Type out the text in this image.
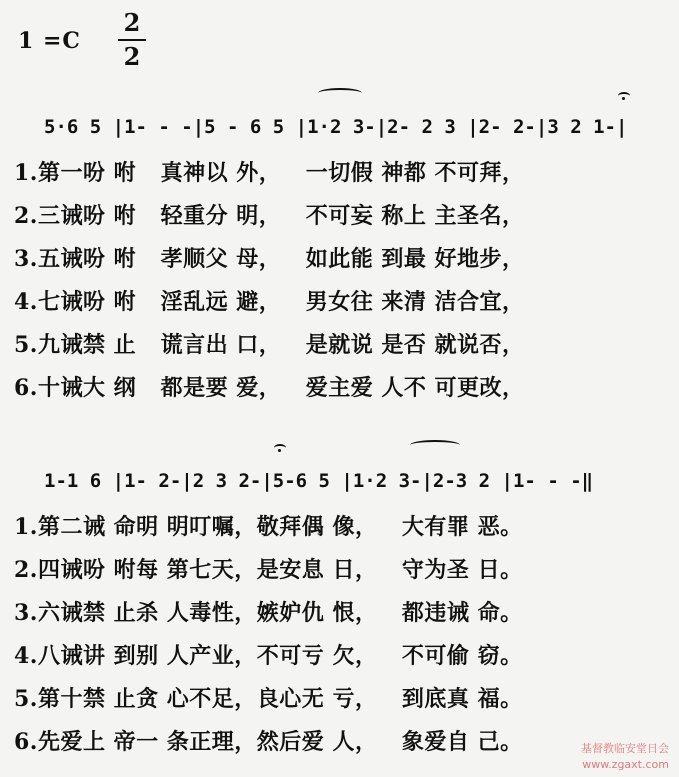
1 =C
2
2
5·6 5 |1- - -|5 - 6 5 |1·2 3-|2- 2 3 |2- 2-|3 2 1-|
1.第一吩 咐   真神以 外，   一切假 神都 不可拜，
2.三诫吩 咐   轻重分 明，   不可妄 称上 主圣名，
3.五诫吩 咐   孝顺父 母，   如此能 到最 好地步，
4.七诫吩 咐   淫乱远 避，   男女往 来清 洁合宜，
5.九诫禁 止   谎言出 口，   是就说 是否 就说否，
6.十诫大 纲   都是要 爱，   爱主爱 人不 可更改，
1-1 6 |1- 2-|2 3 2-|5-6 5 |1·2 3-|2-3 2 |1- - -‖
1.第二诫 命明 明叮嘱，敬拜偶 像，   大有罪 恶。
2.四诫吩 咐每 第七天，是安息 日，   守为圣 日。
3.六诫禁 止杀 人毒性，嫉妒仇 恨，   都违诫 命。
4.八诫讲 到别 人产业，不可亏 欠，   不可偷 窃。
5.第十禁 止贪 心不足，良心无 亏，   到底真 福。
6.先爱上 帝一 条正理，然后爱 人，   象爱自 己。	基督教临安堂日会
www.zgaxt.com
